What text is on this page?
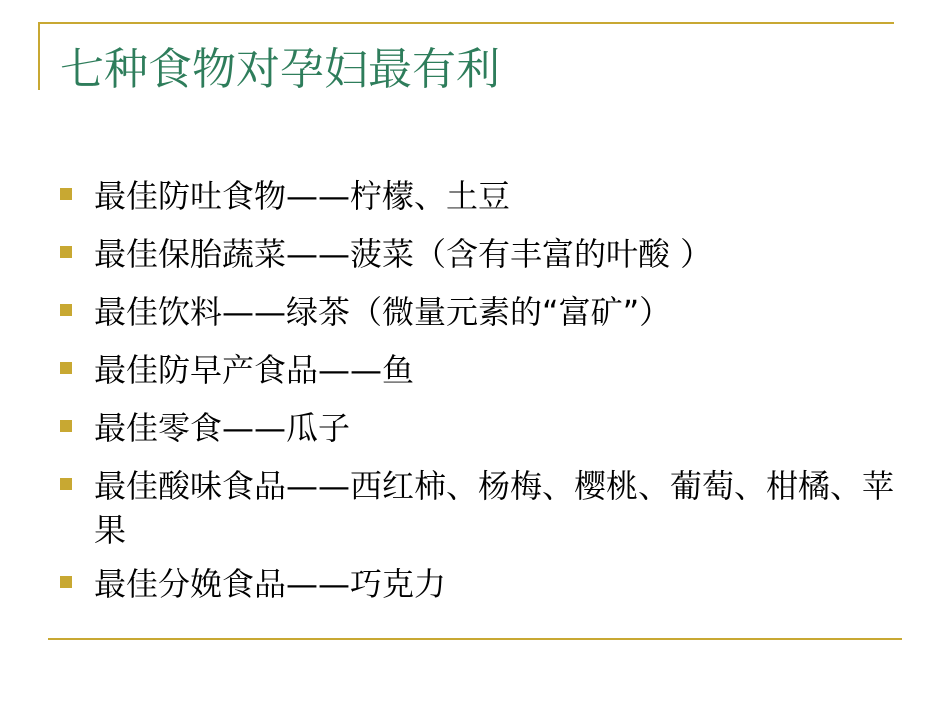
七种食物对孕妇最有利
最佳防吐食物——柠檬、土豆
最佳保胎蔬菜——菠菜（含有丰富的叶酸 ）
最佳饮料——绿茶（微量元素的“富矿”）
最佳防早产食品——鱼
最佳零食——瓜子
最佳酸味食品——西红柿、杨梅、樱桃、葡萄、柑橘、苹果
最佳分娩食品——巧克力
